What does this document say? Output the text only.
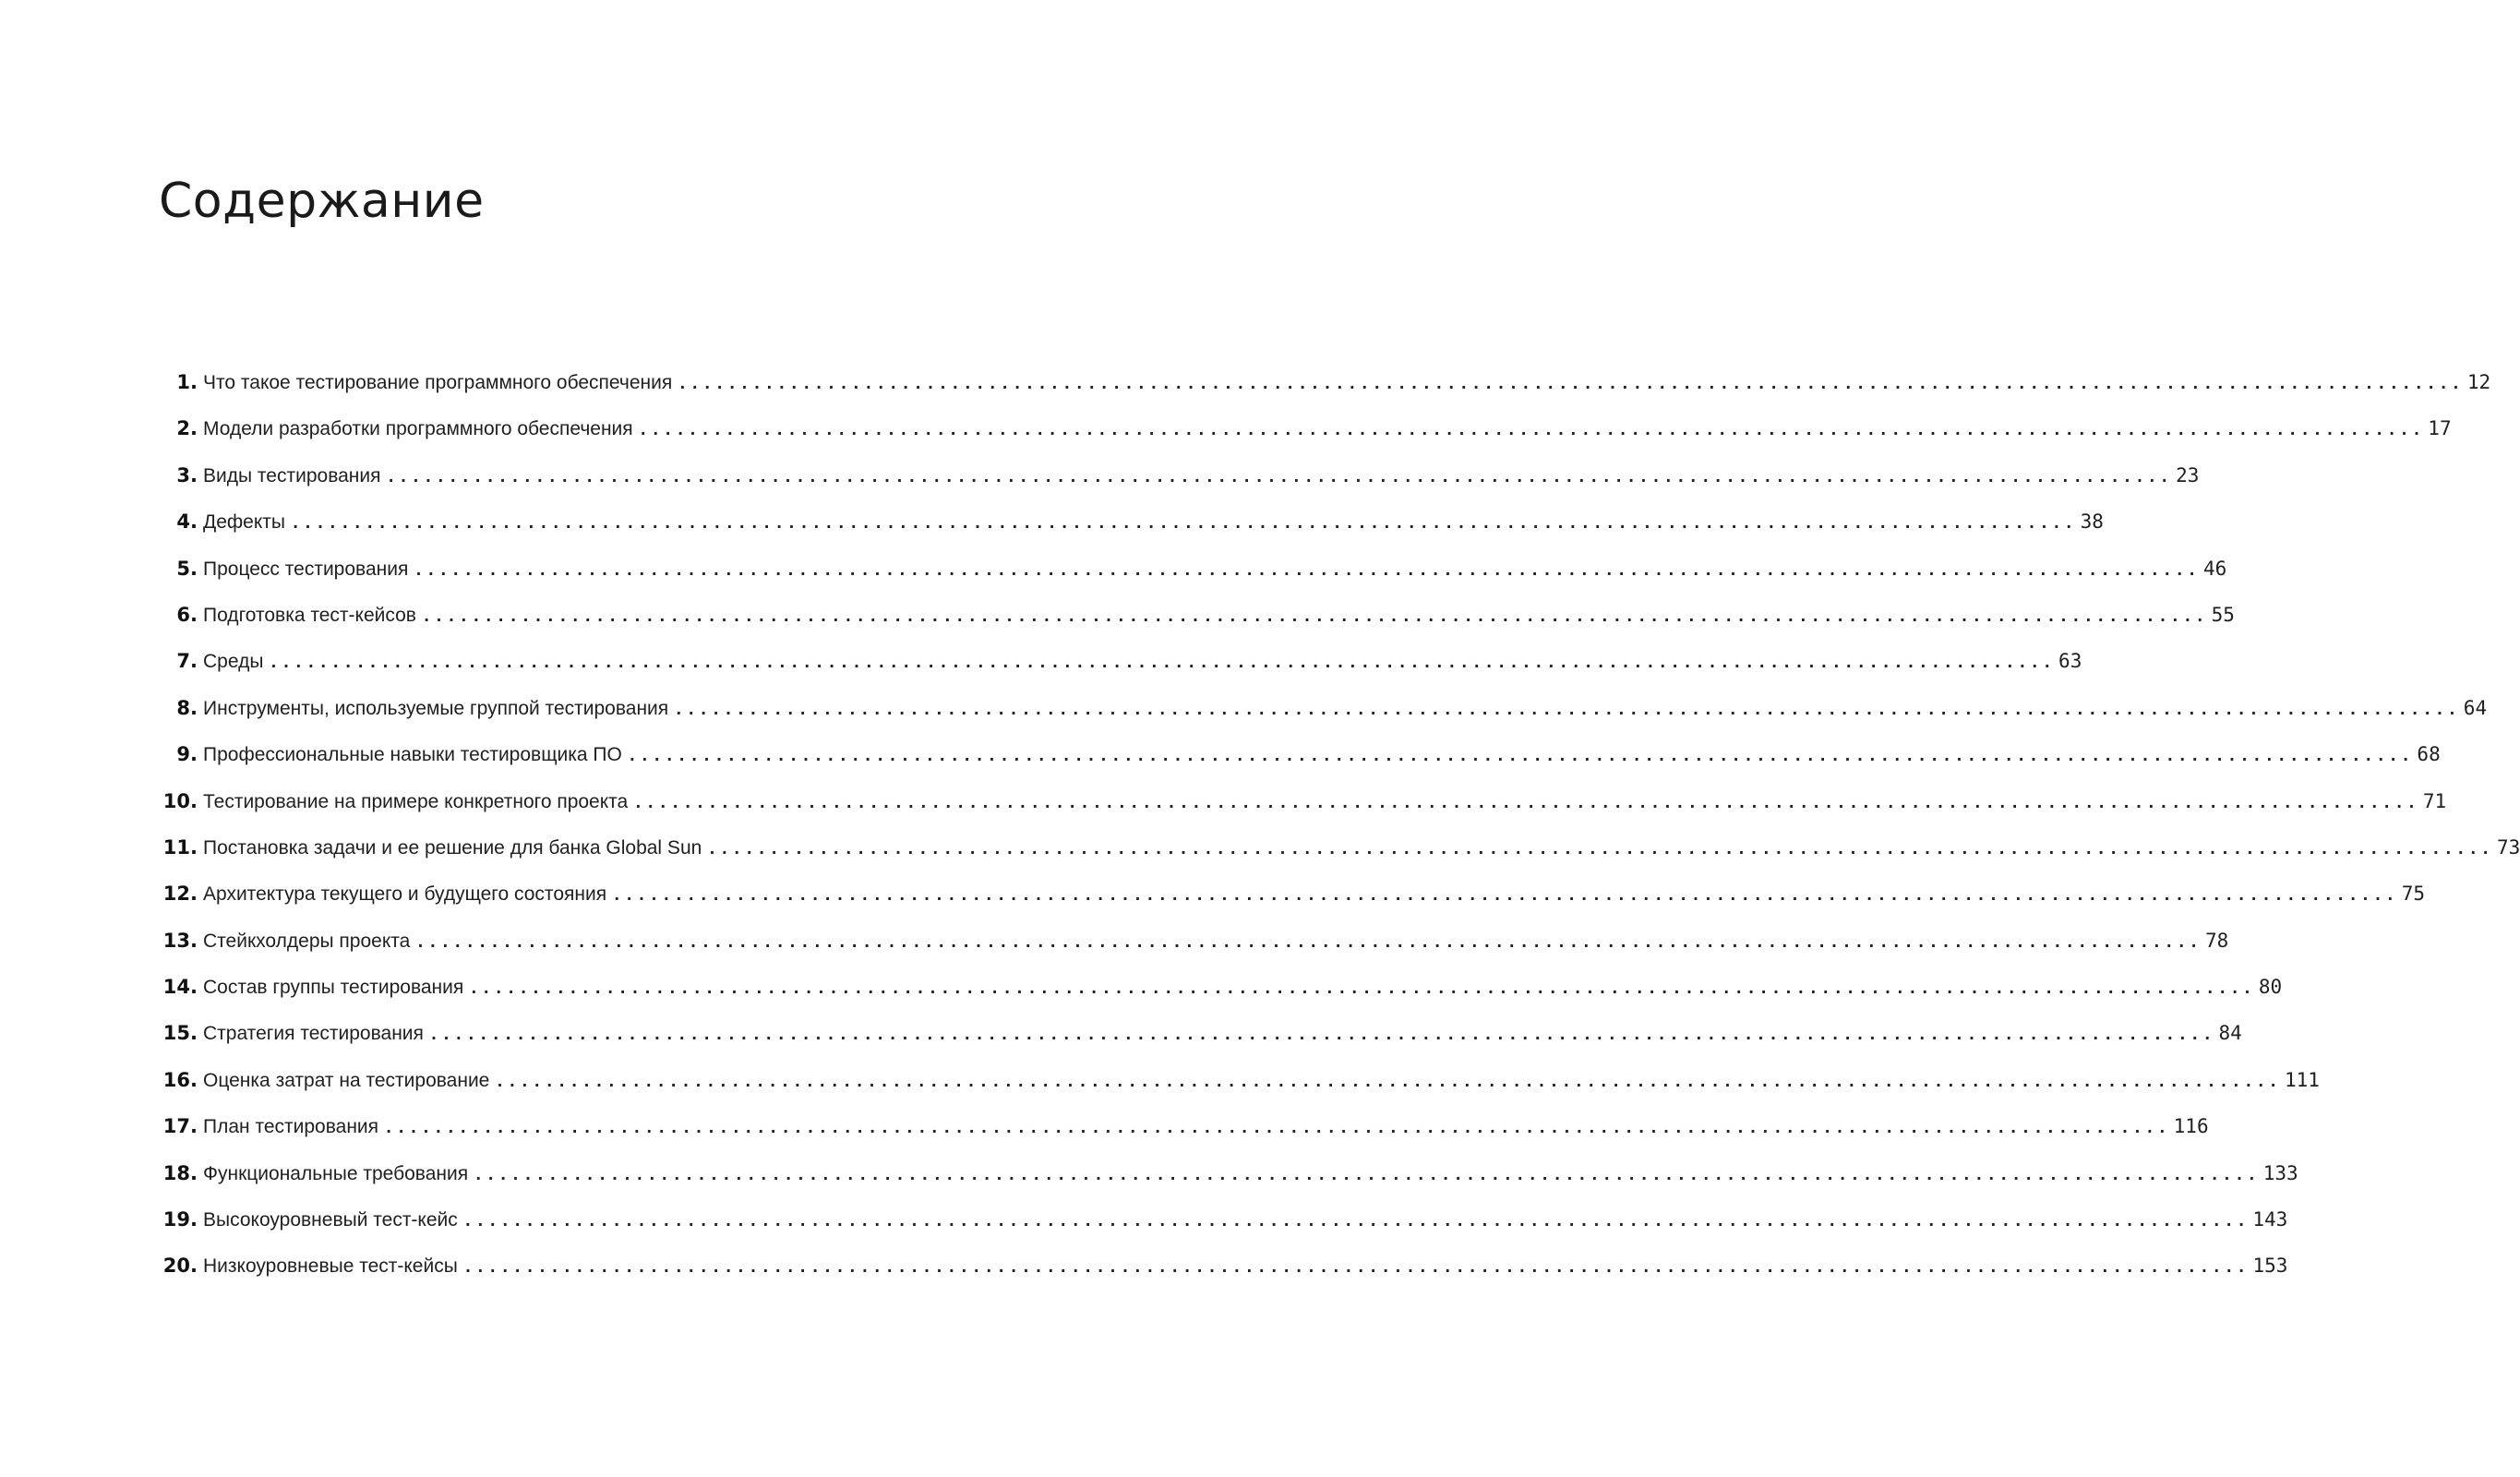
Содержание
1. Что такое тестирование программного обеспечения ................................................................................................................................................ 12
2. Модели разработки программного обеспечения ................................................................................................................................................ 17
3. Виды тестирования ................................................................................................................................................ 23
4. Дефекты ................................................................................................................................................ 38
5. Процесс тестирования ................................................................................................................................................ 46
6. Подготовка тест-кейсов ................................................................................................................................................ 55
7. Среды ................................................................................................................................................ 63
8. Инструменты, используемые группой тестирования ................................................................................................................................................ 64
9. Профессиональные навыки тестировщика ПО ................................................................................................................................................ 68
10. Тестирование на примере конкретного проекта ................................................................................................................................................ 71
11. Постановка задачи и ее решение для банка Global Sun ................................................................................................................................................ 73
12. Архитектура текущего и будущего состояния ................................................................................................................................................ 75
13. Стейкхолдеры проекта ................................................................................................................................................ 78
14. Состав группы тестирования ................................................................................................................................................ 80
15. Стратегия тестирования ................................................................................................................................................ 84
16. Оценка затрат на тестирование ................................................................................................................................................ 111
17. План тестирования ................................................................................................................................................ 116
18. Функциональные требования ................................................................................................................................................ 133
19. Высокоуровневый тест-кейс ................................................................................................................................................ 143
20. Низкоуровневые тест-кейсы ................................................................................................................................................ 153
